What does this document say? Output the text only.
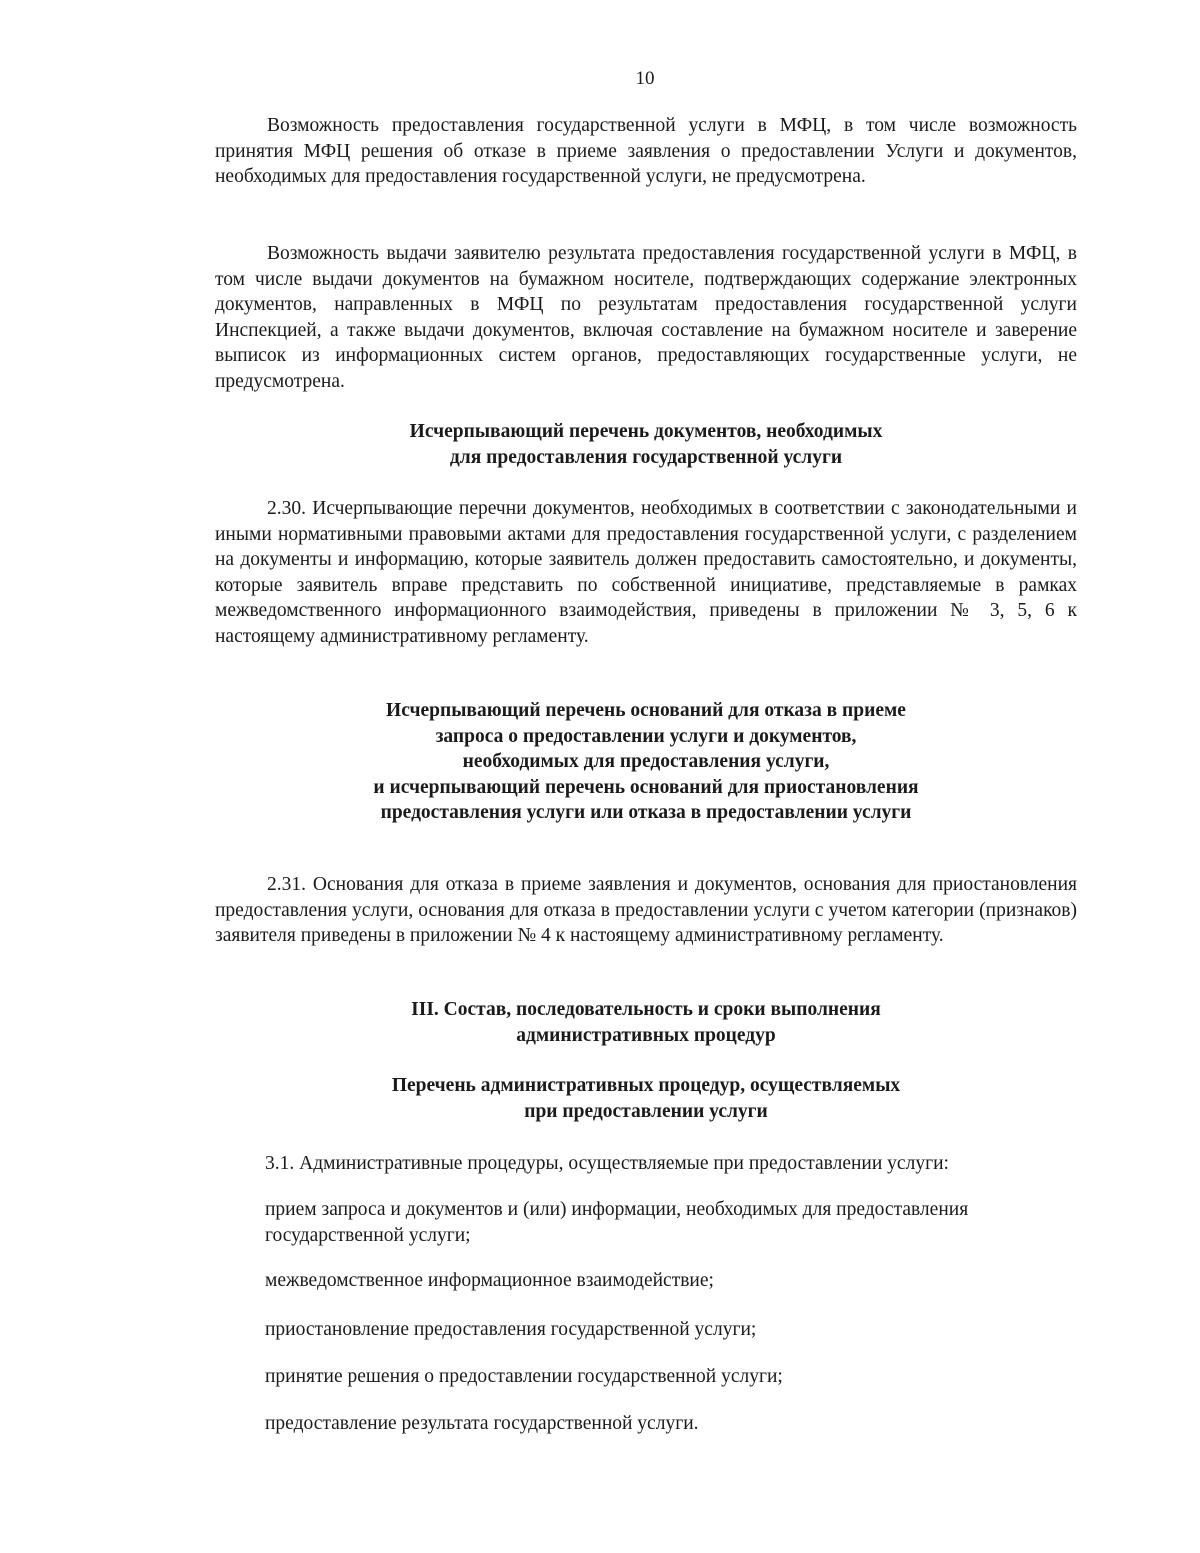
10
Возможность предоставления государственной услуги в МФЦ, в том числе возможность принятия МФЦ решения об отказе в приеме заявления о предоставлении Услуги и документов, необходимых для предоставления государственной услуги, не предусмотрена.
Возможность выдачи заявителю результата предоставления государственной услуги в МФЦ, в том числе выдачи документов на бумажном носителе, подтверждающих содержание электронных документов, направленных в МФЦ по результатам предоставления государственной услуги Инспекцией, а также выдачи документов, включая составление на бумажном носителе и заверение выписок из информационных систем органов, предоставляющих государственные услуги, не предусмотрена.
Исчерпывающий перечень документов, необходимых
для предоставления государственной услуги
2.30. Исчерпывающие перечни документов, необходимых в соответствии с законодательными и иными нормативными правовыми актами для предоставления государственной услуги, с разделением на документы и информацию, которые заявитель должен предоставить самостоятельно, и документы, которые заявитель вправе представить по собственной инициативе, представляемые в рамках межведомственного информационного взаимодействия, приведены в приложении № 3, 5, 6 к настоящему административному регламенту.
Исчерпывающий перечень оснований для отказа в приеме
запроса о предоставлении услуги и документов,
необходимых для предоставления услуги,
и исчерпывающий перечень оснований для приостановления
предоставления услуги или отказа в предоставлении услуги
2.31. Основания для отказа в приеме заявления и документов, основания для приостановления предоставления услуги, основания для отказа в предоставлении услуги с учетом категории (признаков) заявителя приведены в приложении № 4 к настоящему административному регламенту.
III. Состав, последовательность и сроки выполнения
административных процедур
Перечень административных процедур, осуществляемых
при предоставлении услуги
3.1. Административные процедуры, осуществляемые при предоставлении услуги:
прием запроса и документов и (или) информации, необходимых для предоставления государственной услуги;
межведомственное информационное взаимодействие;
приостановление предоставления государственной услуги;
принятие решения о предоставлении государственной услуги;
предоставление результата государственной услуги.
